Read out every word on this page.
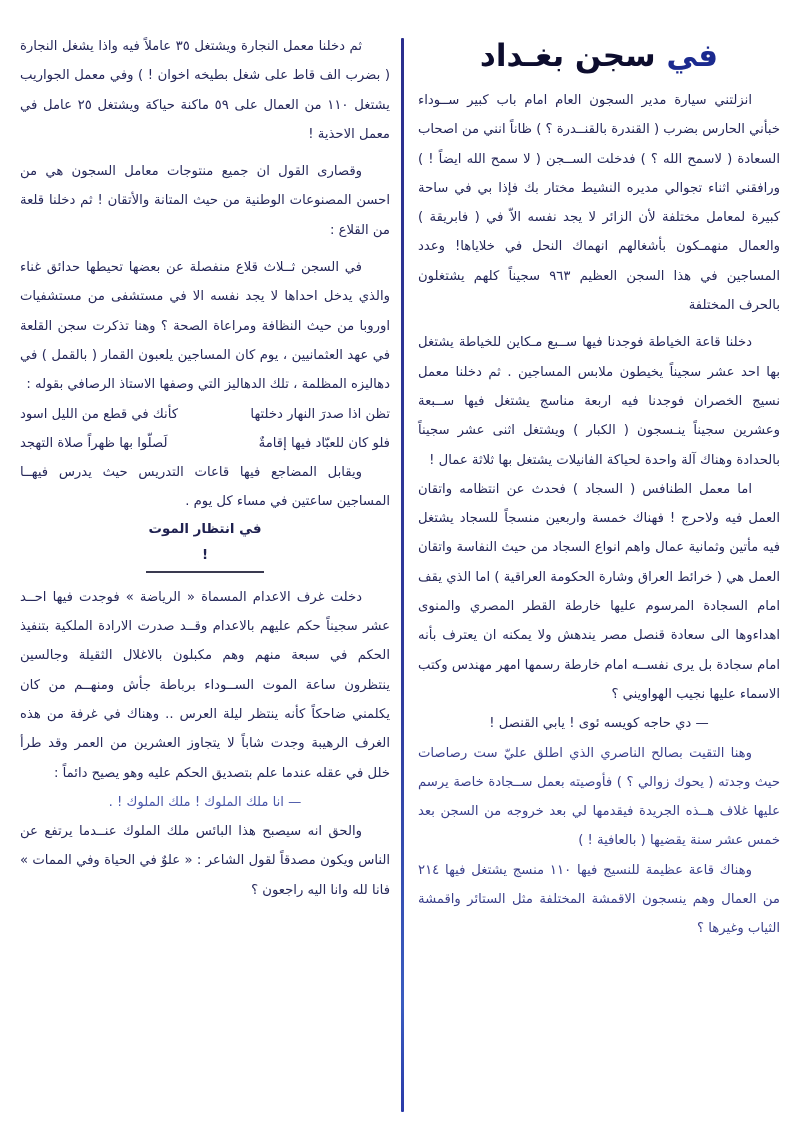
في سجن بغـداد

انزلتني سيارة مدير السجون العام امام باب كبير ســوداء خبأني الحارس بضرب ( القندرة بالقنــدرة ؟ ) ظاناً انني من اصحاب السعادة ( لاسمح الله ؟ ) فدخلت الســجن ( لا سمح الله ايضاً ! ) ورافقني اثناء تجوالي مديره النشيط مختار بك فإذا بي في ساحة كبيرة لمعامل مختلفة لأن الزائر لا يجد نفسه الاّ في ( فابريقة ) والعمال منهمـكون بأشغالهم انهماك النحل في خلاياها! وعدد المساجين في هذا السجن العظيم ٩٦٣ سجيناً كلهم يشتغلون بالحرف المختلفة

دخلنا قاعة الخياطة فوجدنا فيها ســبع مـكاين للخياطة يشتغل بها احد عشر سجيناً يخيطون ملابس المساجين . ثم دخلنا معمل نسيج الخصران فوجدنا فيه اربعة مناسج يشتغل فيها ســبعة وعشرين سجيناً ينـسجون ( الكبار ) ويشتغل اثنى عشر سجيناً بالحدادة وهناك آلة واحدة لحياكة الفانيلات يشتغل بها ثلاثة عمال !

اما معمل الطنافس ( السجاد ) فحدث عن انتظامه واتقان العمل فيه ولاحرج ! فهناك خمسة واربعين منسجاً للسجاد يشتغل فيه مأتين وثمانية عمال واهم انواع السجاد من حيث النفاسة واتقان العمل هي ( خرائط العراق وشارة الحكومة العراقية ) اما الذي يقف امام السجادة المرسوم عليها خارطة القطر المصري والمنوى اهداءوها الى سعادة قنصل مصر يندهش ولا يمكنه ان يعترف بأنه امام سجادة بل يرى نفســه امام خارطة رسمها امهر مهندس وكتب الاسماء عليها نجيب الهواويني ؟

— دي حاجه كويسه ئوى ! يابي القنصل !

وهنا التقيت بصالح الناصري الذي اطلق عليّ ست رصاصات حيث وجدته ( يحوك زوالي ؟ ) فأوصيته بعمل ســجادة خاصة يرسم عليها غلاف هــذه الجريدة فيقدمها لي بعد خروجه من السجن بعد خمس عشر سنة يقضيها ( بالعافية ! )

وهناك قاعة عظيمة للنسيج فيها ١١٠ منسج يشتغل فيها ٢١٤ من العمال وهم ينسجون الاقمشة المختلفة مثل الستائر واقمشة الثياب وغيرها ؟

ثم دخلنا معمل النجارة ويشتغل ٣٥ عاملاً فيه واذا يشغل النجارة ( بضرب الف قاط على شغل بطيخه اخوان ! ) وفي معمل الجواريب يشتغل ١١٠ من العمال على ٥٩ ماكنة حياكة ويشتغل ٢٥ عامل في معمل الاحذية !

وقصارى القول ان جميع منتوجات معامل السجون هي من احسن المصنوعات الوطنية من حيث المتانة والأتقان ! ثم دخلنا قلعة من القلاع :

في السجن ثــلاث قلاع منفصلة عن بعضها تحيطها حدائق غناء والذي يدخل احداها لا يجد نفسه الا في مستشفى من مستشفيات اوروبا من حيث النظافة ومراعاة الصحة ؟ وهنا تذكرت سجن القلعة في عهد العثمانيين ، يوم كان المساجين يلعبون القمار ( بالقمل ) في دهاليزه المظلمة ، تلك الدهاليز التي وصفها الاستاذ الرصافي بقوله :

تظن اذا صدرَ النهار دخلتها
كأنك في قطع من الليل اسود
فلو كان للعبّاد فيها إقامةٌ
لَصلّوا بها ظهراً صلاة التهجد

ويقابل المضاجع فيها قاعات التدريس حيث يدرس فيهــا المساجين ساعتين في مساء كل يوم .

في انتظار الموت !

دخلت غرف الاعدام المسماة « الرياضة » فوجدت فيها احــد عشر سجيناً حكم عليهم بالاعدام وقــد صدرت الارادة الملكية بتنفيذ الحكم في سبعة منهم وهم مكبلون بالاغلال الثقيلة وجالسين ينتظرون ساعة الموت الســوداء برباطة جأش ومنهــم من كان يكلمني ضاحكاً كأنه ينتظر ليلة العرس .. وهناك في غرفة من هذه الغرف الرهيبة وجدت شاباً لا يتجاوز العشرين من العمر وقد طرأ خلل في عقله عندما علم بتصديق الحكم عليه وهو يصيح دائماً :

— انا ملك الملوك ! ملك الملوك ! .

والحق انه سيصبح هذا البائس ملك الملوك عنــدما يرتفع عن الناس ويكون مصدقاً لقول الشاعر : « علوٌ في الحياة وفي الممات » فانا لله وانا اليه راجعون ؟
